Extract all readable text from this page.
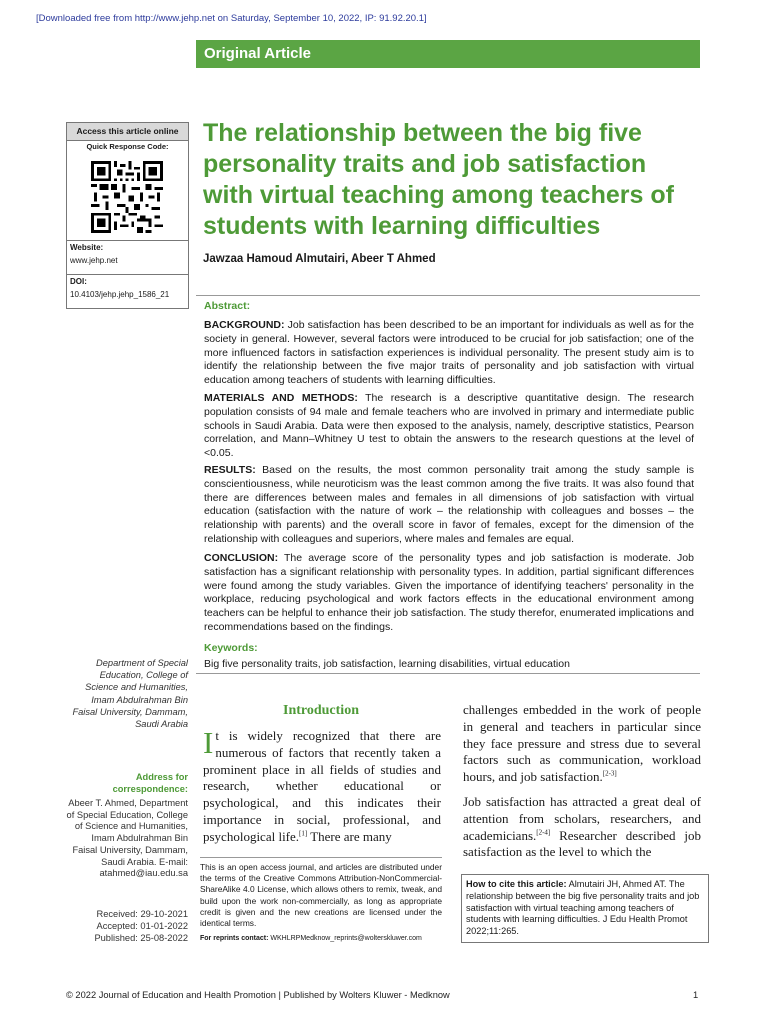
[Downloaded free from http://www.jehp.net on Saturday, September 10, 2022, IP: 91.92.20.1]
Original Article
Access this article online
Quick Response Code:
Website:
www.jehp.net
DOI:
10.4103/jehp.jehp_1586_21
The relationship between the big five personality traits and job satisfaction with virtual teaching among teachers of students with learning difficulties
Jawzaa Hamoud Almutairi, Abeer T Ahmed
Abstract:
BACKGROUND: Job satisfaction has been described to be an important for individuals as well as for the society in general. However, several factors were introduced to be crucial for job satisfaction; one of the more influenced factors in satisfaction experiences is individual personality. The present study aim is to identify the relationship between the five major traits of personality and job satisfaction with virtual education among teachers of students with learning difficulties.
MATERIALS AND METHODS: The research is a descriptive quantitative design. The research population consists of 94 male and female teachers who are involved in primary and intermediate public schools in Saudi Arabia. Data were then exposed to the analysis, namely, descriptive statistics, Pearson correlation, and Mann–Whitney U test to obtain the answers to the research questions at the level of <0.05.
RESULTS: Based on the results, the most common personality trait among the study sample is conscientiousness, while neuroticism was the least common among the five traits. It was also found that there are differences between males and females in all dimensions of job satisfaction with virtual education (satisfaction with the nature of work – the relationship with colleagues and bosses – the relationship with parents) and the overall score in favor of females, except for the dimension of the relationship with colleagues and superiors, where males and females are equal.
CONCLUSION: The average score of the personality types and job satisfaction is moderate. Job satisfaction has a significant relationship with personality types. In addition, partial significant differences were found among the study variables. Given the importance of identifying teachers' personality in the workplace, reducing psychological and work factors effects in the educational environment among teachers can be helpful to enhance their job satisfaction. The study therefor, enumerated implications and recommendations based on the findings.
Keywords:
Big five personality traits, job satisfaction, learning disabilities, virtual education
Department of Special Education, College of Science and Humanities, Imam Abdulrahman Bin Faisal University, Dammam, Saudi Arabia
Address for correspondence:
Abeer T. Ahmed, Department of Special Education, College of Science and Humanities, Imam Abdulrahman Bin Faisal University, Dammam, Saudi Arabia. E-mail: atahmed@iau.edu.sa
Received: 29-10-2021
Accepted: 01-01-2022
Published: 25-08-2022
Introduction
It is widely recognized that there are numerous of factors that recently taken a prominent place in all fields of studies and research, whether educational or psychological, and this indicates their importance in social, professional, and psychological life.[1] There are many
challenges embedded in the work of people in general and teachers in particular since they face pressure and stress due to several factors such as communication, workload hours, and job satisfaction.[2-3]
Job satisfaction has attracted a great deal of attention from scholars, researchers, and academicians.[2-4] Researcher described job satisfaction as the level to which the
This is an open access journal, and articles are distributed under the terms of the Creative Commons Attribution-NonCommercial-ShareAlike 4.0 License, which allows others to remix, tweak, and build upon the work non-commercially, as long as appropriate credit is given and the new creations are licensed under the identical terms.
For reprints contact: WKHLRPMedknow_reprints@wolterskluwer.com
How to cite this article: Almutairi JH, Ahmed AT. The relationship between the big five personality traits and job satisfaction with virtual teaching among teachers of students with learning difficulties. J Edu Health Promot 2022;11:265.
© 2022 Journal of Education and Health Promotion | Published by Wolters Kluwer - Medknow	1
